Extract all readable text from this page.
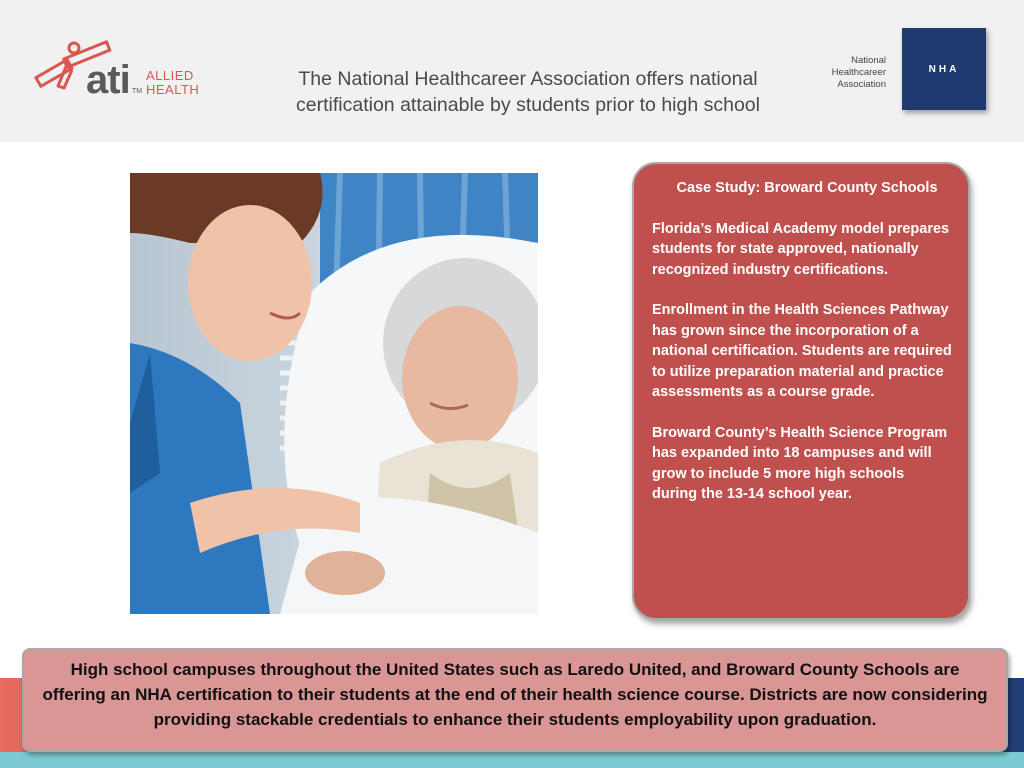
ati TM
ALLIED
HEALTH	The National Healthcareer Association offers national
certification attainable by students prior to high school
National
Healthcareer
Association
NHA

Case Study: Broward County Schools

Florida’s Medical Academy model prepares students for state approved, nationally recognized industry certifications.

Enrollment in the Health Sciences Pathway has grown since the incorporation of a national certification. Students are required to utilize preparation material and practice assessments as a course grade.

Broward County’s Health Science Program has expanded into 18 campuses and will grow to include 5 more high schools during the 13-14 school year.

High school campuses throughout the United States such as Laredo United, and Broward County Schools are offering an NHA certification to their students at the end of their health science course. Districts are now considering providing stackable credentials to enhance their students employability upon graduation.
